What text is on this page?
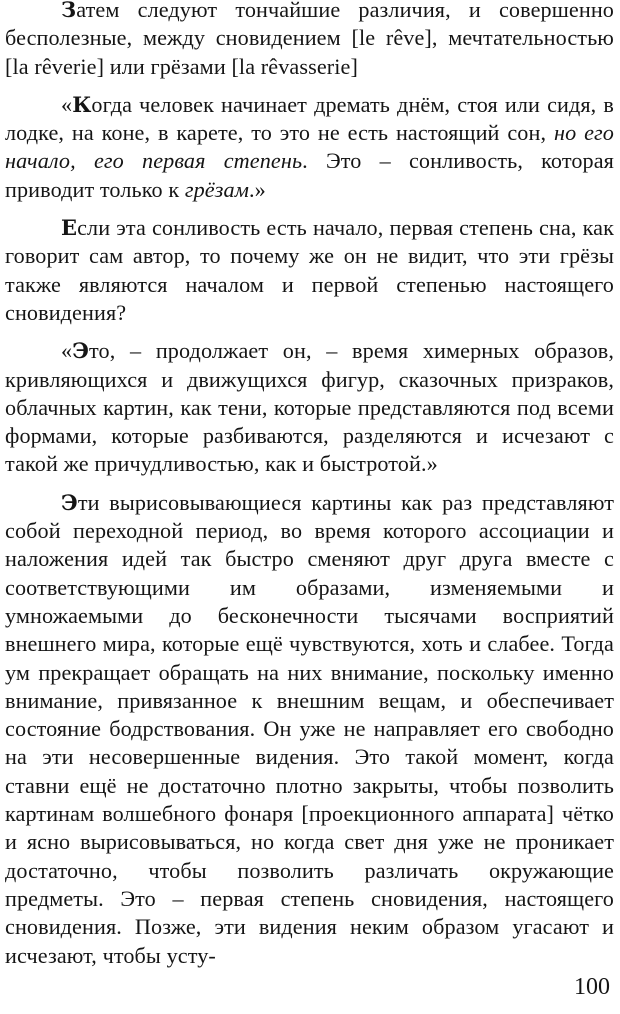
Затем следуют тончайшие различия, и совершенно бесполезные, между сновидением [le rêve], мечтательностью [la rêverie] или грёзами [la rêvasserie]

«Когда человек начинает дремать днём, стоя или сидя, в лодке, на коне, в карете, то это не есть настоящий сон, но его начало, его первая степень. Это – сонливость, которая приводит только к грёзам.»

Если эта сонливость есть начало, первая степень сна, как говорит сам автор, то почему же он не видит, что эти грёзы также являются началом и первой степенью настоящего сновидения?

«Это, – продолжает он, – время химерных образов, кривляющихся и движущихся фигур, сказочных призраков, облачных картин, как тени, которые представляются под всеми формами, которые разбиваются, разделяются и исчезают с такой же причудливостью, как и быстротой.»

Эти вырисовывающиеся картины как раз представляют собой переходной период, во время которого ассоциации и наложения идей так быстро сменяют друг друга вместе с соответствующими им образами, изменяемыми и умножаемыми до бесконечности тысячами восприятий внешнего мира, которые ещё чувствуются, хоть и слабее. Тогда ум прекращает обращать на них внимание, поскольку именно внимание, привязанное к внешним вещам, и обеспечивает состояние бодрствования. Он уже не направляет его свободно на эти несовершенные видения. Это такой момент, когда ставни ещё не достаточно плотно закрыты, чтобы позволить картинам волшебного фонаря [проекционного аппарата] чётко и ясно вырисовываться, но когда свет дня уже не проникает достаточно, чтобы позволить различать окружающие предметы. Это – первая степень сновидения, настоящего сновидения. Позже, эти видения неким образом угасают и исчезают, чтобы усту-

100
